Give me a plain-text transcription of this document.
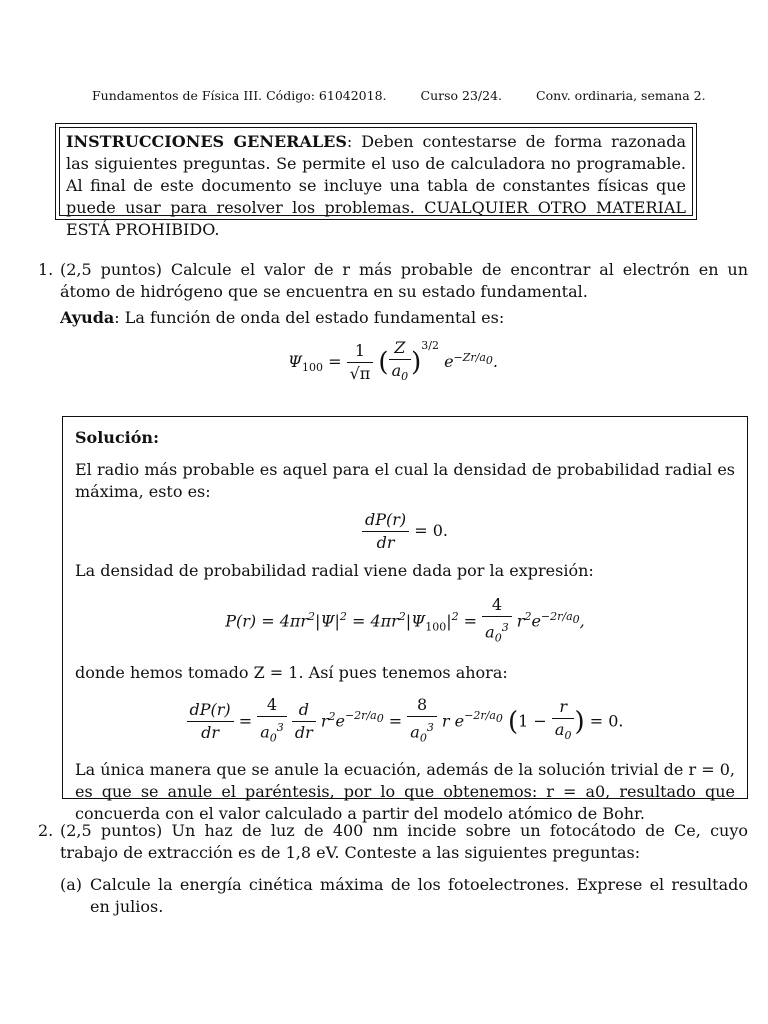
Fundamentos de Física III. Código: 61042018.	Curso 23/24.	Conv. ordinaria, semana 2.
INSTRUCCIONES GENERALES: Deben contestarse de forma razonada las siguientes preguntas. Se permite el uso de calculadora no programable. Al final de este documento se incluye una tabla de constantes físicas que puede usar para resolver los problemas. CUALQUIER OTRO MATERIAL ESTÁ PROHIBIDO.
1. (2,5 puntos) Calcule el valor de r más probable de encontrar al electrón en un átomo de hidrógeno que se encuentra en su estado fundamental.
Ayuda: La función de onda del estado fundamental es:
$\Psi_{100} = \frac{1}{√\pi}$ ( $\frac{Z}{a_0} )^{3/2}$ $e^{-Zr/a_0}$.
Solución:

El radio más probable es aquel para el cual la densidad de probabilidad radial es máxima, esto es:

$\frac{dP(r)}{dr} = 0$.

La densidad de probabilidad radial viene dada por la expresión:

$P(r) = 4\pi r^2|\Psi|^2 = 4\pi r^2|\Psi_{100}|^2 = \frac{4}{a_0^3} r^2e^{-2r/a_0}$,

donde hemos tomado Z = 1. Así pues tenemos ahora:

$\frac{dP(r)}{dr} = \frac{4}{a_0^3}$
$\frac{d}{dr} r^2e^{-2r/a_0} = \frac{8}{a_0^3}$ r $e^{-2r/a_0}$ ($1 - \frac{r}{a_0}$ ) = 0.

La única manera que se anule la ecuación, además de la solución trivial de r = 0, es que se anule el paréntesis, por lo que obtenemos: r = a0, resultado que concuerda con el valor calculado a partir del modelo atómico de Bohr.

2. (2,5 puntos) Un haz de luz de 400 nm incide sobre un fotocátodo de Ce, cuyo trabajo de extracción es de 1,8 eV. Conteste a las siguientes preguntas:
(a) Calcule la energía cinética máxima de los fotoelectrones. Exprese el resultado en julios.
